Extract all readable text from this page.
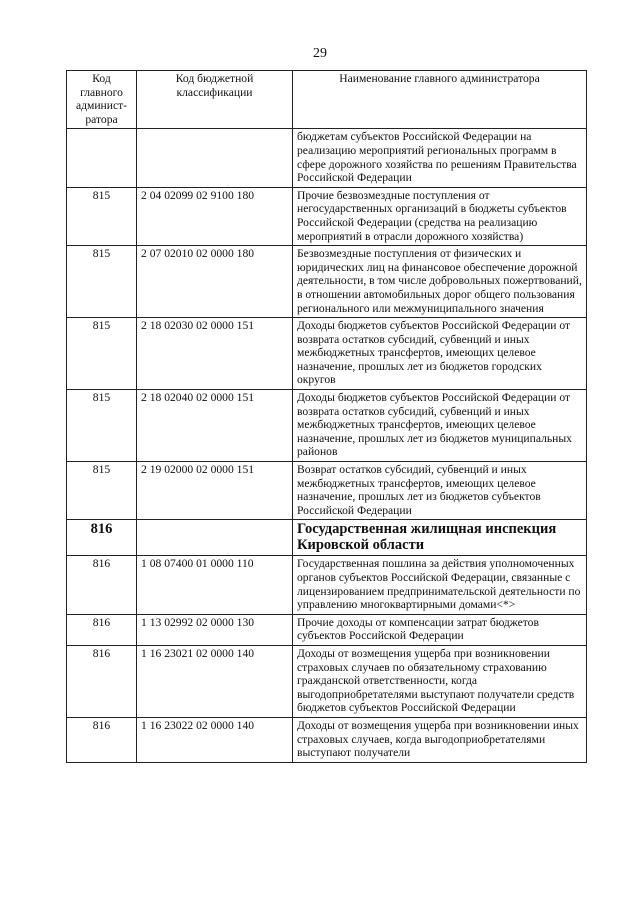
29
Код главного админист-ратора	Код бюджетной классификации	Наименование главного администратора
		бюджетам субъектов Российской Федерации на реализацию мероприятий региональных программ в сфере дорожного хозяйства по решениям Правительства Российской Федерации
815	2 04 02099 02 9100 180	Прочие безвозмездные поступления от негосударственных организаций в бюджеты субъектов Российской Федерации (средства на реализацию мероприятий в отрасли дорожного хозяйства)
815	2 07 02010 02 0000 180	Безвозмездные поступления от физических и юридических лиц на финансовое обеспечение дорожной деятельности, в том числе добровольных пожертвований, в отношении автомобильных дорог общего пользования регионального или межмуниципального значения
815	2 18 02030 02 0000 151	Доходы бюджетов субъектов Российской Федерации от возврата остатков субсидий, субвенций и иных межбюджетных трансфертов, имеющих целевое назначение, прошлых лет из бюджетов городских округов
815	2 18 02040 02 0000 151	Доходы бюджетов субъектов Российской Федерации от возврата остатков субсидий, субвенций и иных межбюджетных трансфертов, имеющих целевое назначение, прошлых лет из бюджетов муниципальных районов
815	2 19 02000 02 0000 151	Возврат остатков субсидий, субвенций и иных межбюджетных трансфертов, имеющих целевое назначение, прошлых лет из бюджетов субъектов Российской Федерации
816		Государственная жилищная инспекция Кировской области
816	1 08 07400 01 0000 110	Государственная пошлина за действия уполномоченных органов субъектов Российской Федерации, связанные с лицензированием предпринимательской деятельности по управлению многоквартирными домами<*>
816	1 13 02992 02 0000 130	Прочие доходы от компенсации затрат бюджетов субъектов Российской Федерации
816	1 16 23021 02 0000 140	Доходы от возмещения ущерба при возникновении страховых случаев по обязательному страхованию гражданской ответственности, когда выгодоприобретателями выступают получатели средств бюджетов субъектов Российской Федерации
816	1 16 23022 02 0000 140	Доходы от возмещения ущерба при возникновении иных страховых случаев, когда выгодоприобретателями выступают получатели
